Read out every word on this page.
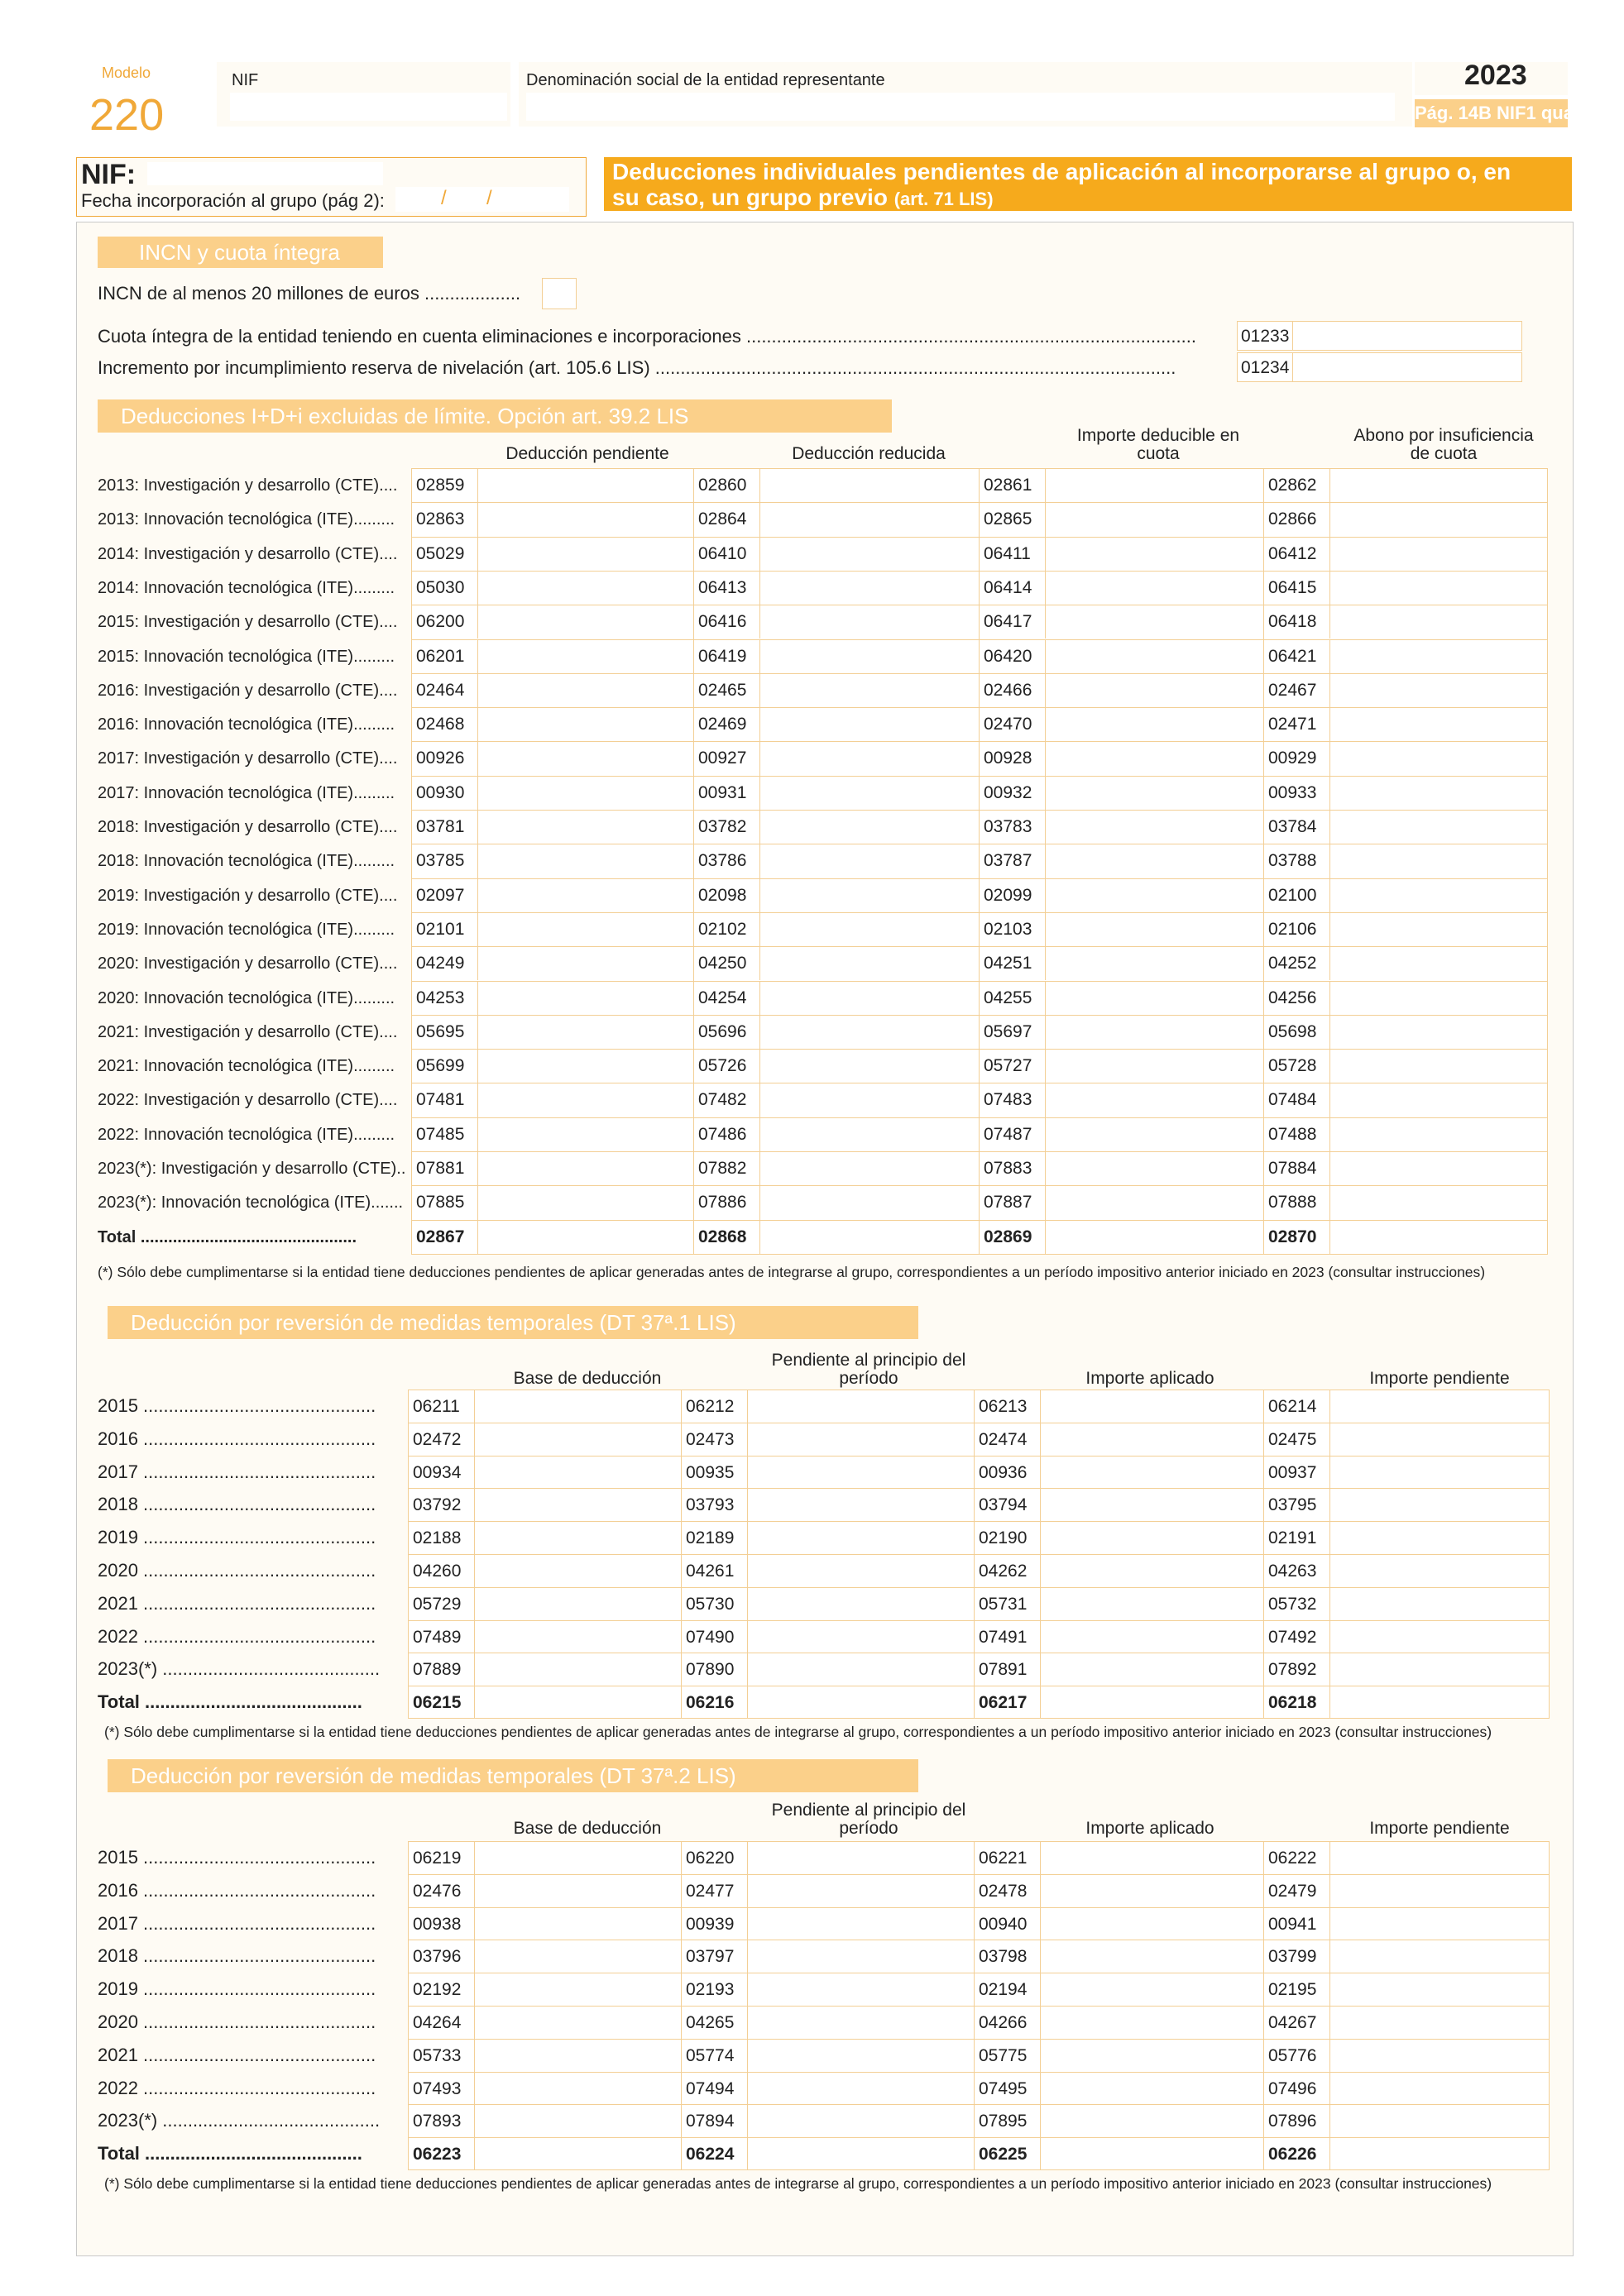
Modelo
220
NIF	Denominación social de la entidad representante	2023
Pág. 14B NIF1 quater
NIF:
Fecha incorporación al grupo (pág 2):	/ /
Deducciones individuales pendientes de aplicación al incorporarse al grupo o, en
su caso, un grupo previo (art. 71 LIS)
INCN y cuota íntegra
INCN de al menos 20 millones de euros ...................
Cuota íntegra de la entidad teniendo en cuenta eliminaciones e incorporaciones .........................................................................................	01233
Incremento por incumplimiento reserva de nivelación (art. 105.6 LIS) .......................................................................................................	01234
Deducciones I+D+i excluidas de límite. Opción art. 39.2 LIS
Deducción pendiente	Deducción reducida
Importe deducible en cuota
Abono por insuficiencia de cuota
2013: Investigación y desarrollo (CTE)....	02859	02860	02861	02862
2013: Innovación tecnológica (ITE).........	02863	02864	02865	02866
2014: Investigación y desarrollo (CTE)....	05029	06410	06411	06412
2014: Innovación tecnológica (ITE).........	05030	06413	06414	06415
2015: Investigación y desarrollo (CTE)....	06200	06416	06417	06418
2015: Innovación tecnológica (ITE).........	06201	06419	06420	06421
2016: Investigación y desarrollo (CTE)....	02464	02465	02466	02467
2016: Innovación tecnológica (ITE).........	02468	02469	02470	02471
2017: Investigación y desarrollo (CTE)....	00926	00927	00928	00929
2017: Innovación tecnológica (ITE).........	00930	00931	00932	00933
2018: Investigación y desarrollo (CTE)....	03781	03782	03783	03784
2018: Innovación tecnológica (ITE).........	03785	03786	03787	03788
2019: Investigación y desarrollo (CTE)....	02097	02098	02099	02100
2019: Innovación tecnológica (ITE).........	02101	02102	02103	02106
2020: Investigación y desarrollo (CTE)....	04249	04250	04251	04252
2020: Innovación tecnológica (ITE).........	04253	04254	04255	04256
2021: Investigación y desarrollo (CTE)....	05695	05696	05697	05698
2021: Innovación tecnológica (ITE).........	05699	05726	05727	05728
2022: Investigación y desarrollo (CTE)....	07481	07482	07483	07484
2022: Innovación tecnológica (ITE).........	07485	07486	07487	07488
2023(*): Investigación y desarrollo (CTE).. 07881	07882	07883	07884
2023(*): Innovación tecnológica (ITE)....... 07885	07886	07887	07888
Total ...............................................	02867	02868	02869	02870
(*) Sólo debe cumplimentarse si la entidad tiene deducciones pendientes de aplicar generadas antes de integrarse al grupo, correspondientes a un período impositivo anterior iniciado en 2023 (consultar instrucciones)
Deducción por reversión de medidas temporales (DT 37ª.1 LIS)
Base de deducción
Pendiente al principio del período	Importe aplicado	Importe pendiente
2015 ..............................................	06211	06212	06213	06214
2016 ..............................................	02472	02473	02474	02475
2017 ..............................................	00934	00935	00936	00937
2018 ..............................................	03792	03793	03794	03795
2019 ..............................................	02188	02189	02190	02191
2020 ..............................................	04260	04261	04262	04263
2021 ..............................................	05729	05730	05731	05732
2022 ..............................................	07489	07490	07491	07492
2023(*) ...........................................	07889	07890	07891	07892
Total ...........................................	06215	06216	06217	06218
(*) Sólo debe cumplimentarse si la entidad tiene deducciones pendientes de aplicar generadas antes de integrarse al grupo, correspondientes a un período impositivo anterior iniciado en 2023 (consultar instrucciones)
Deducción por reversión de medidas temporales (DT 37ª.2 LIS)
Base de deducción
Pendiente al principio del período	Importe aplicado	Importe pendiente
2015 ..............................................	06219	06220	06221	06222
2016 ..............................................	02476	02477	02478	02479
2017 ..............................................	00938	00939	00940	00941
2018 ..............................................	03796	03797	03798	03799
2019 ..............................................	02192	02193	02194	02195
2020 ..............................................	04264	04265	04266	04267
2021 ..............................................	05733	05774	05775	05776
2022 ..............................................	07493	07494	07495	07496
2023(*) ...........................................	07893	07894	07895	07896
Total ...........................................	06223	06224	06225	06226
(*) Sólo debe cumplimentarse si la entidad tiene deducciones pendientes de aplicar generadas antes de integrarse al grupo, correspondientes a un período impositivo anterior iniciado en 2023 (consultar instrucciones)
